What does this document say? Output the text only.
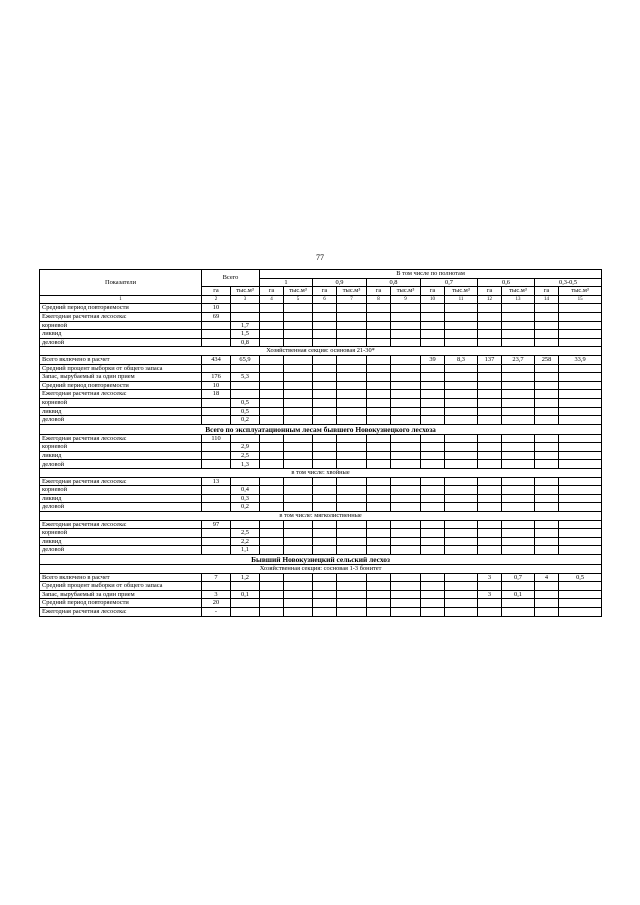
77
Показатели	Всего		В том числе по полнотам											
			1		0,9		0,8		0,7		0,6		0,3-0,5	
	га	тыс.м³	га	тыс.м³	га	тыс.м³	га	тыс.м³	га	тыс.м³	га	тыс.м³	га	тыс.м³
1	2	3	4	5	6	7	8	9	10	11	12	13	14	15
Средний период повторяемости	10													
Ежегодная расчетная лесосека:	69													
корневой		1,7												
ликвид		1,5												
деловой		0,8												
Хозяйственная секция: осиновая 21-30*														
Всего включено в расчет	434	65,9							39	8,3	137	23,7	258	33,9
Средний процент выборки от общего запаса														
Запас, вырубаемый за один прием	176	5,3												
Средний период повторяемости	10													
Ежегодная расчетная лесосека:	18													
корневой		0,5												
ликвид		0,5												
деловой		0,2												
Всего по эксплуатационным лесам бывшего Новокузнецкого лесхоза														
Ежегодная расчетная лесосека:	110													
корневой		2,9												
ликвид		2,5												
деловой		1,3												
в том числе: хвойные														
Ежегодная расчетная лесосека:	13													
корневой		0,4												
ликвид		0,3												
деловой		0,2												
в том числе: мягколиственные														
Ежегодная расчетная лесосека:	97													
корневой		2,5												
ликвид		2,2												
деловой		1,1												
Бывший Новокузнецкий сельский лесхоз														
Хозяйственная секция: сосновая 1-3 бонитет														
Всего включено в расчет	7	1,2									3	0,7	4	0,5
Средний процент выборки от общего запаса														
Запас, вырубаемый за один прием	3	0,1									3	0,1		
Средний период повторяемости	20													
Ежегодная расчетная лесосека:	-													
